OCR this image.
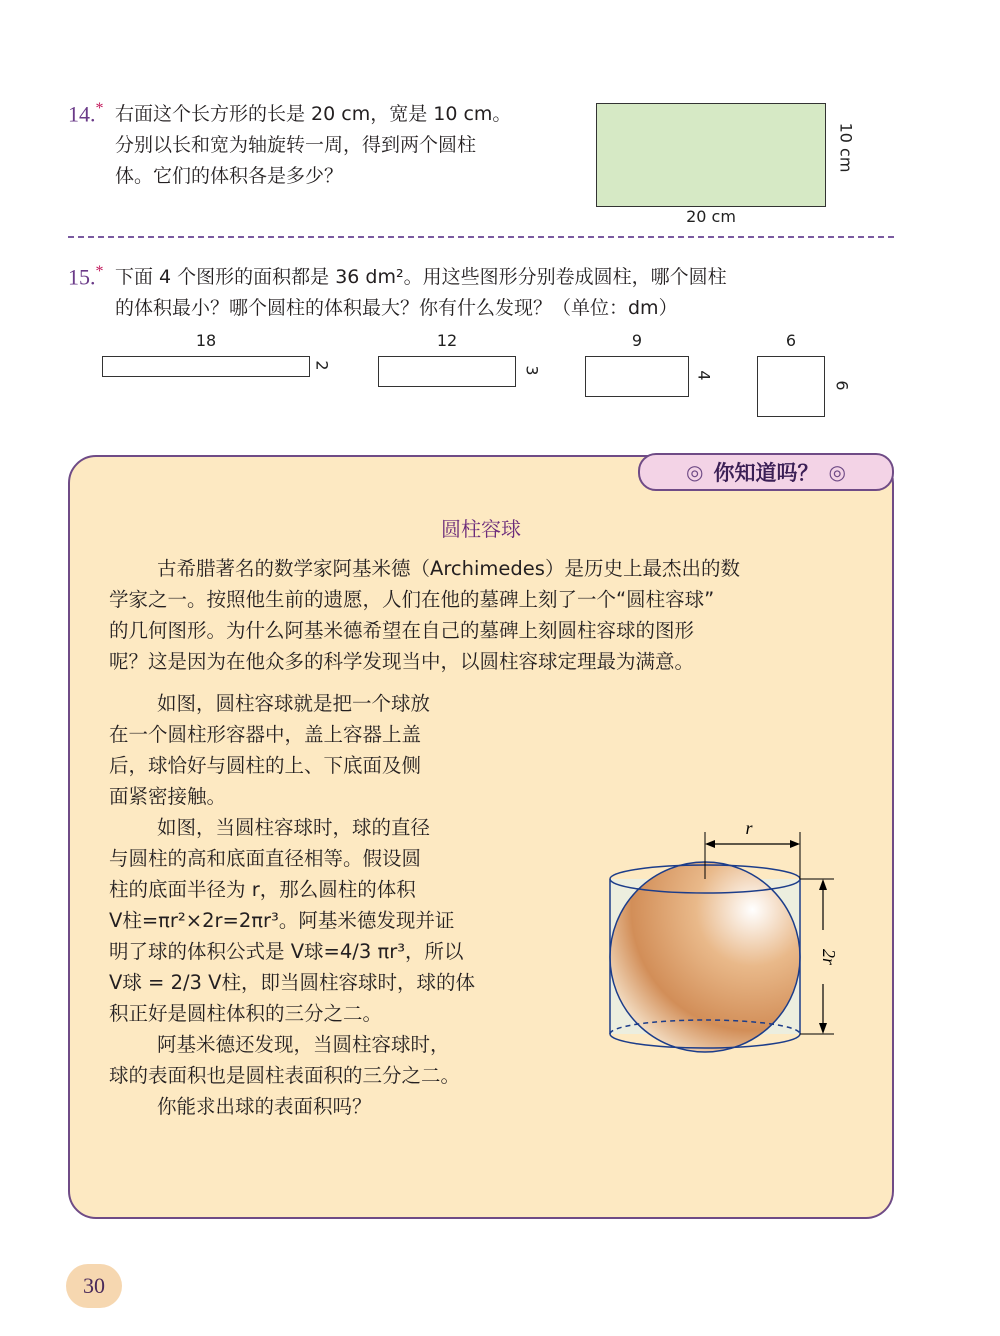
14.* 右面这个长方形的长是 20 cm，宽是 10 cm。
分别以长和宽为轴旋转一周，得到两个圆柱
体。它们的体积各是多少？
10 cm
20 cm
15.* 下面 4 个图形的面积都是 36 dm²。用这些图形分别卷成圆柱，哪个圆柱
的体积最小？哪个圆柱的体积最大？你有什么发现？（单位：dm）
18
2
12
3
9
4
6
6
◎ 你知道吗？ ◎
圆柱容球
古希腊著名的数学家阿基米德（Archimedes）是历史上最杰出的数
学家之一。按照他生前的遗愿，人们在他的墓碑上刻了一个“圆柱容球”
的几何图形。为什么阿基米德希望在自己的墓碑上刻圆柱容球的图形
呢？这是因为在他众多的科学发现当中，以圆柱容球定理最为满意。
如图，圆柱容球就是把一个球放
在一个圆柱形容器中，盖上容器上盖
后，球恰好与圆柱的上、下底面及侧
面紧密接触。
如图，当圆柱容球时，球的直径
与圆柱的高和底面直径相等。假设圆
柱的底面半径为 r，那么圆柱的体积
V柱=πr²×2r=2πr³。阿基米德发现并证
明了球的体积公式是 V球=4/3 πr³，所以
V球 = 2/3 V柱，即当圆柱容球时，球的体
积正好是圆柱体积的三分之二。
阿基米德还发现，当圆柱容球时，
球的表面积也是圆柱表面积的三分之二。
你能求出球的表面积吗？
r
2r
30
